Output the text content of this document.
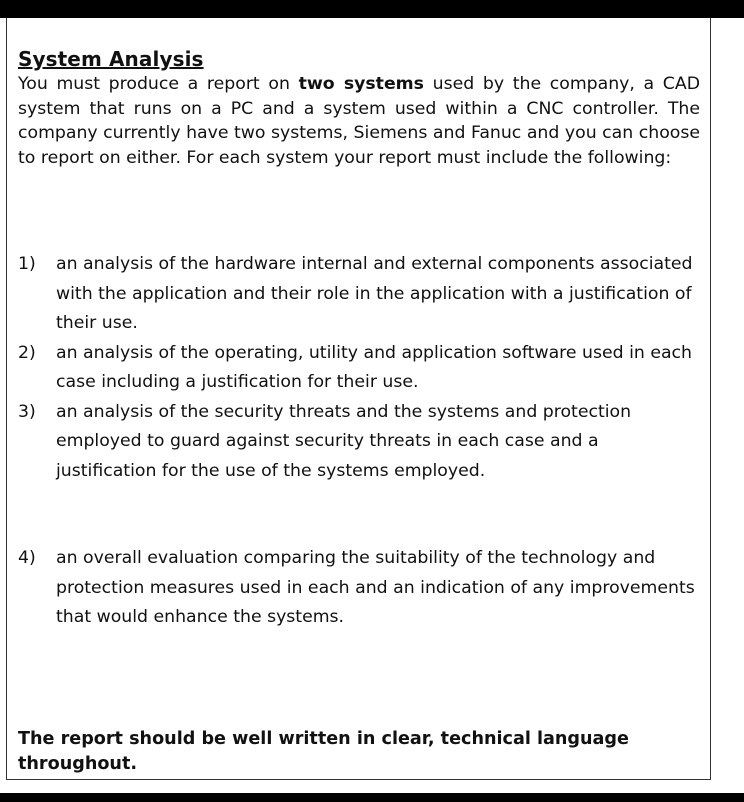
System Analysis

You must produce a report on two systems used by the company, a CAD system that runs on a PC and a system used within a CNC controller. The company currently have two systems, Siemens and Fanuc and you can choose to report on either. For each system your report must include the following:

1) an analysis of the hardware internal and external components associated with the application and their role in the application with a justification of their use.
2) an analysis of the operating, utility and application software used in each case including a justification for their use.
3) an analysis of the security threats and the systems and protection employed to guard against security threats in each case and a justification for the use of the systems employed.
4) an overall evaluation comparing the suitability of the technology and protection measures used in each and an indication of any improvements that would enhance the systems.

The report should be well written in clear, technical language throughout.
